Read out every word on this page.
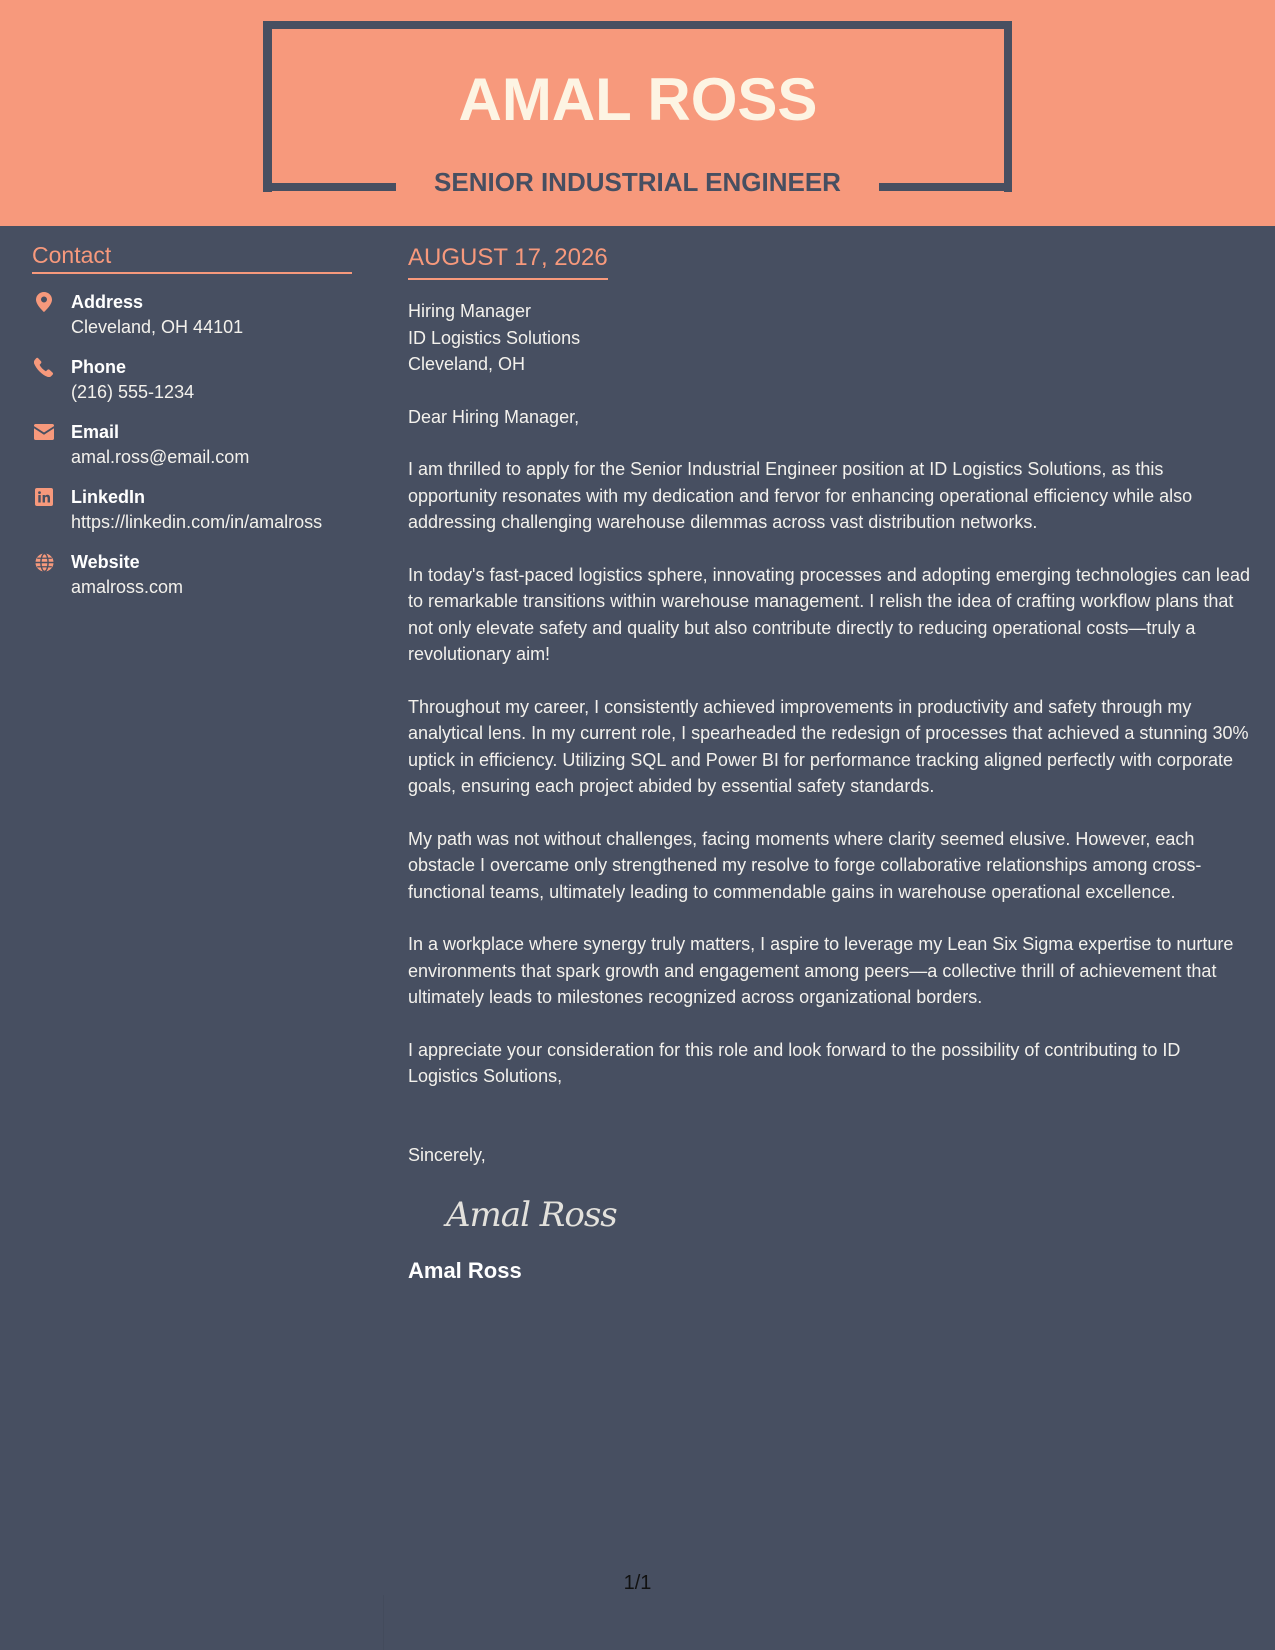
AMAL ROSS
SENIOR INDUSTRIAL ENGINEER
Contact
Address
Cleveland, OH 44101
Phone
(216) 555-1234
Email
amal.ross@email.com
LinkedIn
https://linkedin.com/in/amalross
Website
amalross.com
AUGUST 17, 2026
Hiring Manager
ID Logistics Solutions
Cleveland, OH
Dear Hiring Manager,
I am thrilled to apply for the Senior Industrial Engineer position at ID Logistics Solutions, as this opportunity resonates with my dedication and fervor for enhancing operational efficiency while also addressing challenging warehouse dilemmas across vast distribution networks.
In today's fast-paced logistics sphere, innovating processes and adopting emerging technologies can lead to remarkable transitions within warehouse management. I relish the idea of crafting workflow plans that not only elevate safety and quality but also contribute directly to reducing operational costs—truly a revolutionary aim!
Throughout my career, I consistently achieved improvements in productivity and safety through my analytical lens. In my current role, I spearheaded the redesign of processes that achieved a stunning 30% uptick in efficiency. Utilizing SQL and Power BI for performance tracking aligned perfectly with corporate goals, ensuring each project abided by essential safety standards.
My path was not without challenges, facing moments where clarity seemed elusive. However, each obstacle I overcame only strengthened my resolve to forge collaborative relationships among cross-functional teams, ultimately leading to commendable gains in warehouse operational excellence.
In a workplace where synergy truly matters, I aspire to leverage my Lean Six Sigma expertise to nurture environments that spark growth and engagement among peers—a collective thrill of achievement that ultimately leads to milestones recognized across organizational borders.
I appreciate your consideration for this role and look forward to the possibility of contributing to ID Logistics Solutions,
Sincerely,
Amal Ross
Amal Ross
1/1
